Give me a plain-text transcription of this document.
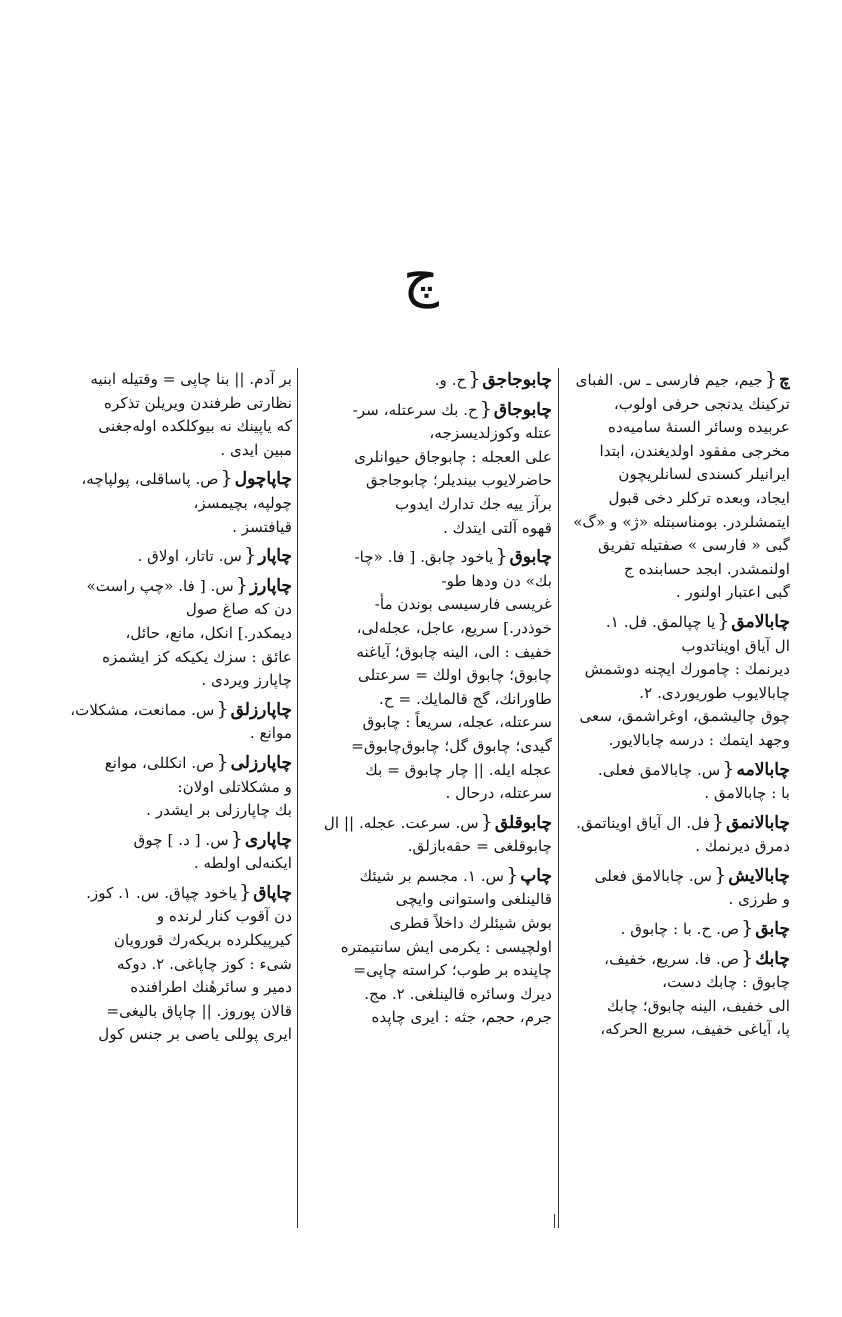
چ
چ{جیم، جیم فارسی ـ س. الفبای
ترکینك یدنجی حرفی اولوب،
عربیده وسائر السنهٔ سامیه‌ده
مخرجی مفقود اولدیغندن، ابتدا
ایرانیلر کسندی لسانلریچون
ایجاد، وبعده ترکلر دخی قبول
ایتمشلردر. بومناسبتله «ژ» و «گ»
گبی « فارسی » صفتیله تفریق
اولنمشدر. ابجد حسابنده ج
گبی اعتبار اولنور .
چابالامق{یا چپالمق. فل. ۱.
ال آیاق اویناتدوب
دیرنمك : چامورك ایچنه دوشمش
چابالایوب طوریوردی. ۲.
چوق چالیشمق، اوغراشمق، سعی
وجهد ایتمك : درسه چابالایور.
چابالامه{س. چابالامق فعلی.
با : چابالامق .
چابالانمق{فل. ال آیاق اویناتمق.
دمرق دیرنمك .
چابالایش{س. چابالامق فعلی
و طرزی .
چابق{ص. ح. با : چابوق .
چابك{ص. فا. سریع، خفیف،
چابوق : چابك دست،
الی خفیف، الینه چابوق؛ چابك
پا، آیاغی خفیف، سریع الحرکه،
چابوجاجق{ح. و.
چابوجاق{ح. بك سرعتله، سر-
عتله وکوزلدیسزجه،
علی العجله : چابوجاق حیوانلری
حاضرلایوب بیندیلر؛ چابوجاجق
برآز ییه جك تدارك ایدوب
قهوه آلتی ایتدك .
چابوق{یاخود چابق. [ فا. «چا-
بك» دن ودها طو-
غریسی فارسیسی بوندن مأ-
خوذدر.] سریع، عاجل، عجله‌لی،
خفیف : الی، الینه چابوق؛ آیاغنه
چابوق؛ چابوق اولك = سرعتلی
طاورانك، گج قالمایك. = ح.
سرعتله، عجله، سریعاً : چابوق
گیدی؛ چابوق گل؛ چابوق‌چابوق=
عجله ایله. || چار چابوق = بك
سرعتله، درحال .
چابوقلق{س. سرعت. عجله. || ال
چابوقلغی = حقه‌بازلق.
چاپ{س. ۱. مجسم بر شیئك
قالینلغی واستوانی وایچی
بوش شیئلرك داخلاً قطری
اولچیسی : یکرمی ایش سانتیمتره
چاپنده بر طوب؛ کراسته چاپی=
دیرك وسائره قالینلغی. ۲. مج.
جرم، حجم، جثه : ایری چاپده
بر آدم. || بنا چاپی = وقتیله ابنیه
نظارتی طرفندن ویریلن تذکره
که یاپینك نه بیوکلکده اوله‌جغنی
مبین ایدی .
چاپاچول{ص. پاساقلی، پولپاچه،
چولپه، بچیمسز،
قیافتسز .
چاپار{س. تاتار، اولاق .
چاپارز{س. [ فا. «چپ راست»
دن که صاغ صول
دیمکدر.] انکل، مانع، حائل،
عائق : سزك یکیکه کز ایشمزه
چاپارز ویردی .
چاپارزلق{س. ممانعت، مشکلات،
موانع .
چاپارزلی{ص. انکللی، موانع
و مشکلاتلی اولان:
بك چاپارزلی بر ایشدر .
چاپاری{س. [ د. ] چوق
ایکنه‌لی اولطه .
چاپاق{یاخود چپاق. س. ۱. کوز.
دن آقوب کنار لرنده و
کیرپیکلرده بریکه‌رك قورویان
شیء : کوز چاپاغی. ۲. دوکه
دمیر و سائرهٔنك اطرافنده
قالان پوروز. || چاپاق بالیغی=
ایری پوللی یاصی بر جنس کول
